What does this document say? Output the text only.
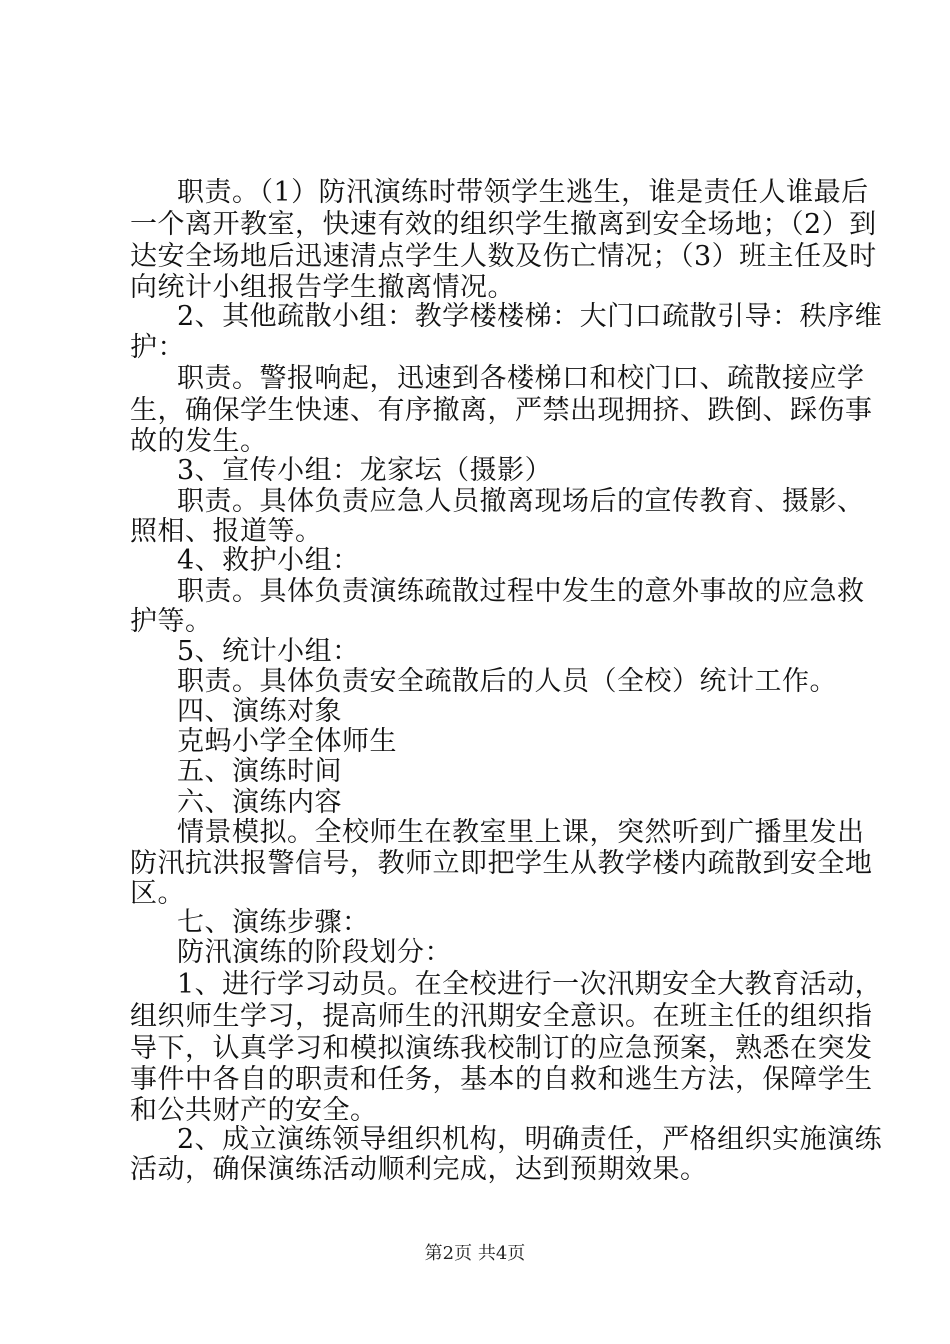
职责。（1）防汛演练时带领学生逃生，谁是责任人谁最后
一个离开教室，快速有效的组织学生撤离到安全场地；（2）到
达安全场地后迅速清点学生人数及伤亡情况；（3）班主任及时
向统计小组报告学生撤离情况。
2、其他疏散小组：教学楼楼梯：大门口疏散引导：秩序维
护：
职责。警报响起，迅速到各楼梯口和校门口、疏散接应学
生，确保学生快速、有序撤离，严禁出现拥挤、跌倒、踩伤事
故的发生。
3、宣传小组：龙家坛（摄影）
职责。具体负责应急人员撤离现场后的宣传教育、摄影、
照相、报道等。
4、救护小组：
职责。具体负责演练疏散过程中发生的意外事故的应急救
护等。
5、统计小组：
职责。具体负责安全疏散后的人员（全校）统计工作。
四、演练对象
克蚂小学全体师生
五、演练时间
六、演练内容
情景模拟。全校师生在教室里上课，突然听到广播里发出
防汛抗洪报警信号，教师立即把学生从教学楼内疏散到安全地
区。
七、演练步骤：
防汛演练的阶段划分：
1、进行学习动员。在全校进行一次汛期安全大教育活动，
组织师生学习，提高师生的汛期安全意识。在班主任的组织指
导下，认真学习和模拟演练我校制订的应急预案，熟悉在突发
事件中各自的职责和任务，基本的自救和逃生方法，保障学生
和公共财产的安全。
2、成立演练领导组织机构，明确责任，严格组织实施演练
活动，确保演练活动顺利完成，达到预期效果。
第2页 共4页
